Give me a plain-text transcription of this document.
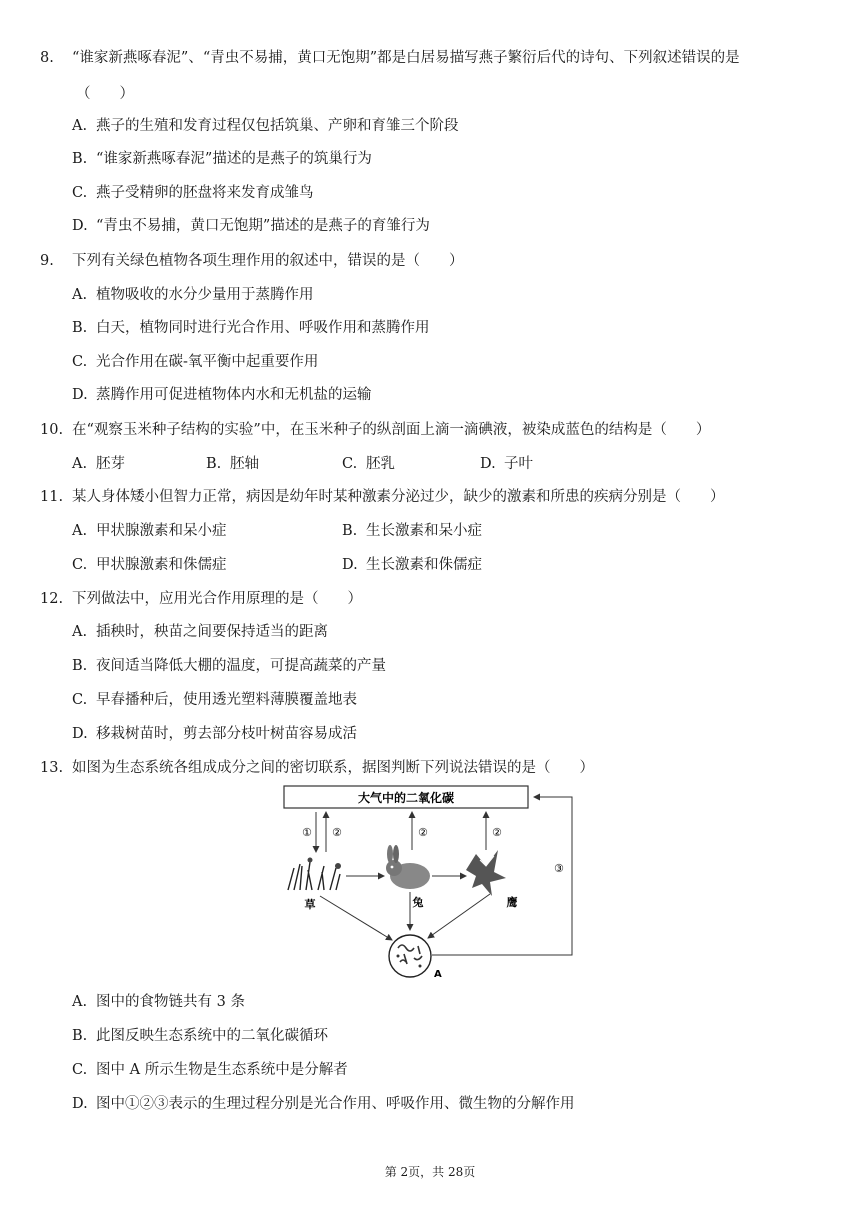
8. “谁家新燕啄春泥”、“青虫不易捕，黄口无饱期”都是白居易描写燕子繁衍后代的诗句、下列叙述错误的是
（　　）
A. 燕子的生殖和发育过程仅包括筑巢、产卵和育雏三个阶段
B. “谁家新燕啄春泥”描述的是燕子的筑巢行为
C. 燕子受精卵的胚盘将来发育成雏鸟
D. “青虫不易捕，黄口无饱期”描述的是燕子的育雏行为
9. 下列有关绿色植物各项生理作用的叙述中，错误的是（　　）
A. 植物吸收的水分少量用于蒸腾作用
B. 白天，植物同时进行光合作用、呼吸作用和蒸腾作用
C. 光合作用在碳-氧平衡中起重要作用
D. 蒸腾作用可促进植物体内水和无机盐的运输
10. 在“观察玉米种子结构的实验”中，在玉米种子的纵剖面上滴一滴碘液，被染成蓝色的结构是（　　）
A. 胚芽	B. 胚轴	C. 胚乳	D. 子叶
11. 某人身体矮小但智力正常，病因是幼年时某种激素分泌过少，缺少的激素和所患的疾病分别是（　　）
A. 甲状腺激素和呆小症	B. 生长激素和呆小症
C. 甲状腺激素和侏儒症	D. 生长激素和侏儒症
12. 下列做法中，应用光合作用原理的是（　　）
A. 插秧时，秧苗之间要保持适当的距离
B. 夜间适当降低大棚的温度，可提高蔬菜的产量
C. 早春播种后，使用透光塑料薄膜覆盖地表
D. 移栽树苗时，剪去部分枝叶树苗容易成活
13. 如图为生态系统各组成成分之间的密切联系，据图判断下列说法错误的是（　　）
大气中的二氧化碳
① ②	②	②
③
草	兔	鹰
A
A. 图中的食物链共有 3 条
B. 此图反映生态系统中的二氧化碳循环
C. 图中 A 所示生物是生态系统中是分解者
D. 图中①②③表示的生理过程分别是光合作用、呼吸作用、微生物的分解作用
第 2页，共 28页
